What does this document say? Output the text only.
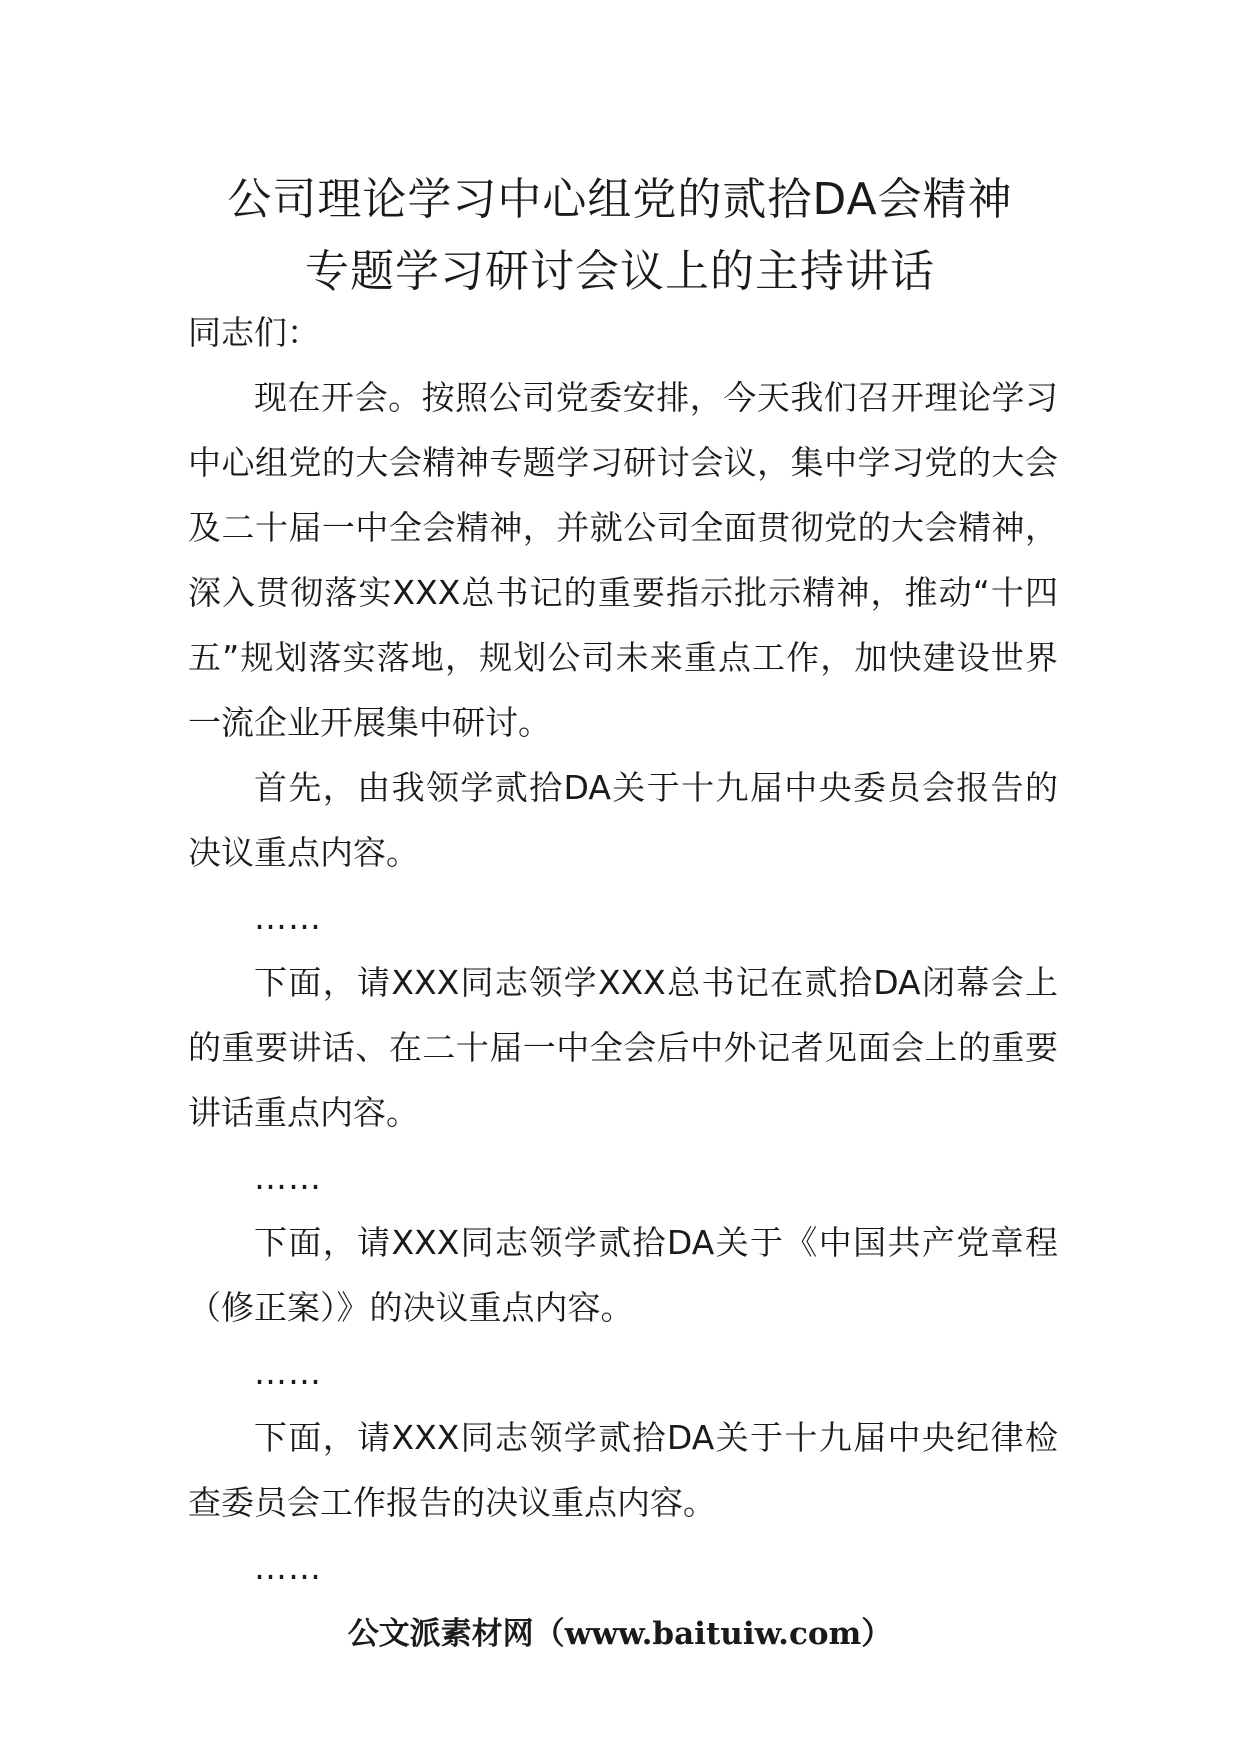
公司理论学习中心组党的贰拾DA会精神
专题学习研讨会议上的主持讲话

同志们：

现在开会。按照公司党委安排，今天我们召开理论学习中心组党的大会精神专题学习研讨会议，集中学习党的大会及二十届一中全会精神，并就公司全面贯彻党的大会精神，深入贯彻落实XXX总书记的重要指示批示精神，推动“十四五”规划落实落地，规划公司未来重点工作，加快建设世界一流企业开展集中研讨。

首先，由我领学贰拾DA关于十九届中央委员会报告的决议重点内容。

……

下面，请XXX同志领学XXX总书记在贰拾DA闭幕会上的重要讲话、在二十届一中全会后中外记者见面会上的重要讲话重点内容。

……

下面，请XXX同志领学贰拾DA关于《中国共产党章程（修正案）》的决议重点内容。

……

下面，请XXX同志领学贰拾DA关于十九届中央纪律检查委员会工作报告的决议重点内容。

……

公文派素材网（www.baituiw.com）
